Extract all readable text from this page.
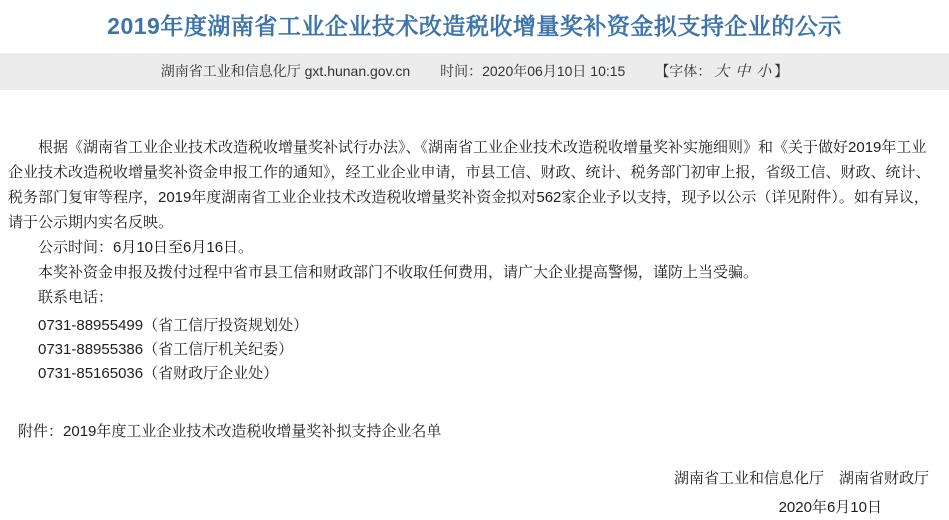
2019年度湖南省工业企业技术改造税收增量奖补资金拟支持企业的公示
湖南省工业和信息化厅 gxt.hunan.gov.cn 时间：2020年06月10日 10:15 【字体： 大 中 小 】

根据《湖南省工业企业技术改造税收增量奖补试行办法》、《湖南省工业企业技术改造税收增量奖补实施细则》和《关于做好2019年工业企业技术改造税收增量奖补资金申报工作的通知》，经工业企业申请，市县工信、财政、统计、税务部门初审上报，省级工信、财政、统计、税务部门复审等程序，2019年度湖南省工业企业技术改造税收增量奖补资金拟对562家企业予以支持，现予以公示（详见附件）。如有异议，请于公示期内实名反映。

公示时间：6月10日至6月16日。

本奖补资金申报及拨付过程中省市县工信和财政部门不收取任何费用，请广大企业提高警惕，谨防上当受骗。

联系电话：

0731-88955499（省工信厅投资规划处）

0731-88955386（省工信厅机关纪委）

0731-85165036（省财政厅企业处）

附件：2019年度工业企业技术改造税收增量奖补拟支持企业名单

湖南省工业和信息化厅　湖南省财政厅

2020年6月10日
